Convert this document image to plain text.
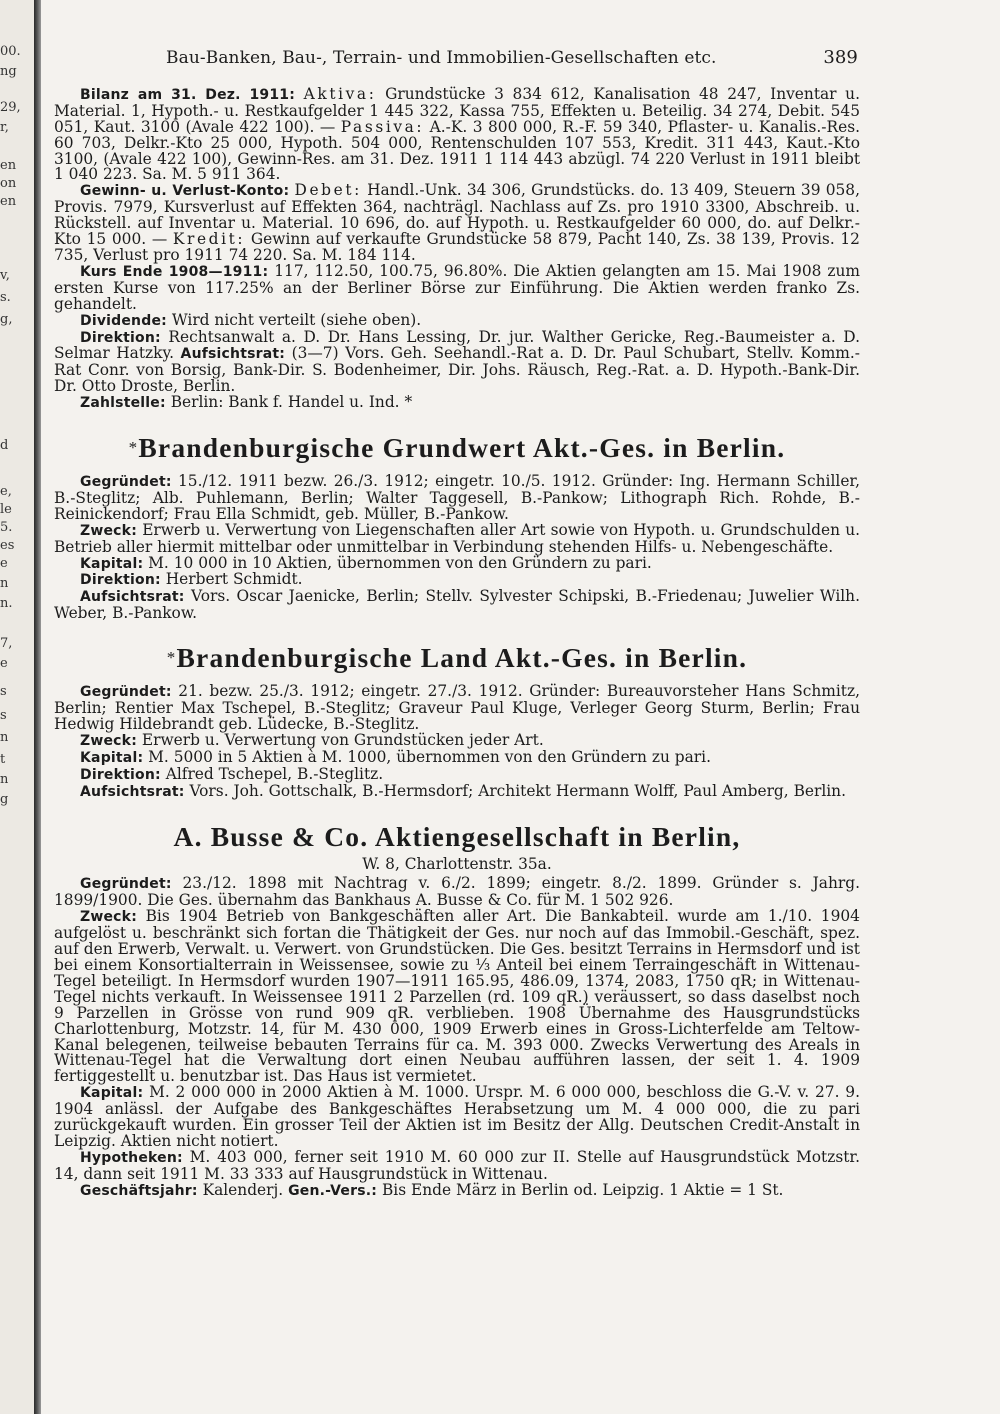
00.
ng
29,
r,
en
on
en
v,
s.
g,
d
e,
le
5.
es
e
n
n.
7,
e
s
s
n
t
n
g
Bau-Banken, Bau-, Terrain- und Immobilien-Gesellschaften etc.	389

Bilanz am 31. Dez. 1911: Aktiva: Grundstücke 3 834 612, Kanalisation 48 247, Inventar u. Material. 1, Hypoth.- u. Restkaufgelder 1 445 322, Kassa 755, Effekten u. Beteilig. 34 274, Debit. 545 051, Kaut. 3100 (Avale 422 100). — Passiva: A.-K. 3 800 000, R.-F. 59 340, Pflaster- u. Kanalis.-Res. 60 703, Delkr.-Kto 25 000, Hypoth. 504 000, Rentenschulden 107 553, Kredit. 311 443, Kaut.-Kto 3100, (Avale 422 100), Gewinn-Res. am 31. Dez. 1911 1 114 443 abzügl. 74 220 Verlust in 1911 bleibt 1 040 223. Sa. M. 5 911 364.

Gewinn- u. Verlust-Konto: Debet: Handl.-Unk. 34 306, Grundstücks. do. 13 409, Steuern 39 058, Provis. 7979, Kursverlust auf Effekten 364, nachträgl. Nachlass auf Zs. pro 1910 3300, Abschreib. u. Rückstell. auf Inventar u. Material. 10 696, do. auf Hypoth. u. Restkaufgelder 60 000, do. auf Delkr.-Kto 15 000. — Kredit: Gewinn auf verkaufte Grundstücke 58 879, Pacht 140, Zs. 38 139, Provis. 12 735, Verlust pro 1911 74 220. Sa. M. 184 114.

Kurs Ende 1908—1911: 117, 112.50, 100.75, 96.80%. Die Aktien gelangten am 15. Mai 1908 zum ersten Kurse von 117.25% an der Berliner Börse zur Einführung. Die Aktien werden franko Zs. gehandelt.

Dividende: Wird nicht verteilt (siehe oben).

Direktion: Rechtsanwalt a. D. Dr. Hans Lessing, Dr. jur. Walther Gericke, Reg.-Baumeister a. D. Selmar Hatzky. Aufsichtsrat: (3—7) Vors. Geh. Seehandl.-Rat a. D. Dr. Paul Schubart, Stellv. Komm.-Rat Conr. von Borsig, Bank-Dir. S. Bodenheimer, Dir. Johs. Räusch, Reg.-Rat. a. D. Hypoth.-Bank-Dir. Dr. Otto Droste, Berlin.

Zahlstelle: Berlin: Bank f. Handel u. Ind. *

*Brandenburgische Grundwert Akt.-Ges. in Berlin.

Gegründet: 15./12. 1911 bezw. 26./3. 1912; eingetr. 10./5. 1912. Gründer: Ing. Hermann Schiller, B.-Steglitz; Alb. Puhlemann, Berlin; Walter Taggesell, B.-Pankow; Lithograph Rich. Rohde, B.-Reinickendorf; Frau Ella Schmidt, geb. Müller, B.-Pankow.

Zweck: Erwerb u. Verwertung von Liegenschaften aller Art sowie von Hypoth. u. Grundschulden u. Betrieb aller hiermit mittelbar oder unmittelbar in Verbindung stehenden Hilfs- u. Nebengeschäfte.

Kapital: M. 10 000 in 10 Aktien, übernommen von den Gründern zu pari.

Direktion: Herbert Schmidt.

Aufsichtsrat: Vors. Oscar Jaenicke, Berlin; Stellv. Sylvester Schipski, B.-Friedenau; Juwelier Wilh. Weber, B.-Pankow.

*Brandenburgische Land Akt.-Ges. in Berlin.

Gegründet: 21. bezw. 25./3. 1912; eingetr. 27./3. 1912. Gründer: Bureauvorsteher Hans Schmitz, Berlin; Rentier Max Tschepel, B.-Steglitz; Graveur Paul Kluge, Verleger Georg Sturm, Berlin; Frau Hedwig Hildebrandt geb. Lüdecke, B.-Steglitz.

Zweck: Erwerb u. Verwertung von Grundstücken jeder Art.

Kapital: M. 5000 in 5 Aktien à M. 1000, übernommen von den Gründern zu pari.

Direktion: Alfred Tschepel, B.-Steglitz.

Aufsichtsrat: Vors. Joh. Gottschalk, B.-Hermsdorf; Architekt Hermann Wolff, Paul Amberg, Berlin.

A. Busse & Co. Aktiengesellschaft in Berlin,
W. 8, Charlottenstr. 35a.

Gegründet: 23./12. 1898 mit Nachtrag v. 6./2. 1899; eingetr. 8./2. 1899. Gründer s. Jahrg. 1899/1900. Die Ges. übernahm das Bankhaus A. Busse & Co. für M. 1 502 926.

Zweck: Bis 1904 Betrieb von Bankgeschäften aller Art. Die Bankabteil. wurde am 1./10. 1904 aufgelöst u. beschränkt sich fortan die Thätigkeit der Ges. nur noch auf das Immobil.-Geschäft, spez. auf den Erwerb, Verwalt. u. Verwert. von Grundstücken. Die Ges. besitzt Terrains in Hermsdorf und ist bei einem Konsortialterrain in Weissensee, sowie zu ⅓ Anteil bei einem Terraingeschäft in Wittenau-Tegel beteiligt. In Hermsdorf wurden 1907—1911 165.95, 486.09, 1374, 2083, 1750 qR; in Wittenau-Tegel nichts verkauft. In Weissensee 1911 2 Parzellen (rd. 109 qR.) veräussert, so dass daselbst noch 9 Parzellen in Grösse von rund 909 qR. verblieben. 1908 Übernahme des Hausgrundstücks Charlottenburg, Motzstr. 14, für M. 430 000, 1909 Erwerb eines in Gross-Lichterfelde am Teltow-Kanal belegenen, teilweise bebauten Terrains für ca. M. 393 000. Zwecks Verwertung des Areals in Wittenau-Tegel hat die Verwaltung dort einen Neubau aufführen lassen, der seit 1. 4. 1909 fertiggestellt u. benutzbar ist. Das Haus ist vermietet.

Kapital: M. 2 000 000 in 2000 Aktien à M. 1000. Urspr. M. 6 000 000, beschloss die G.-V. v. 27. 9. 1904 anlässl. der Aufgabe des Bankgeschäftes Herabsetzung um M. 4 000 000, die zu pari zurückgekauft wurden. Ein grosser Teil der Aktien ist im Besitz der Allg. Deutschen Credit-Anstalt in Leipzig. Aktien nicht notiert.

Hypotheken: M. 403 000, ferner seit 1910 M. 60 000 zur II. Stelle auf Hausgrundstück Motzstr. 14, dann seit 1911 M. 33 333 auf Hausgrundstück in Wittenau.

Geschäftsjahr: Kalenderj. Gen.-Vers.: Bis Ende März in Berlin od. Leipzig. 1 Aktie = 1 St.
